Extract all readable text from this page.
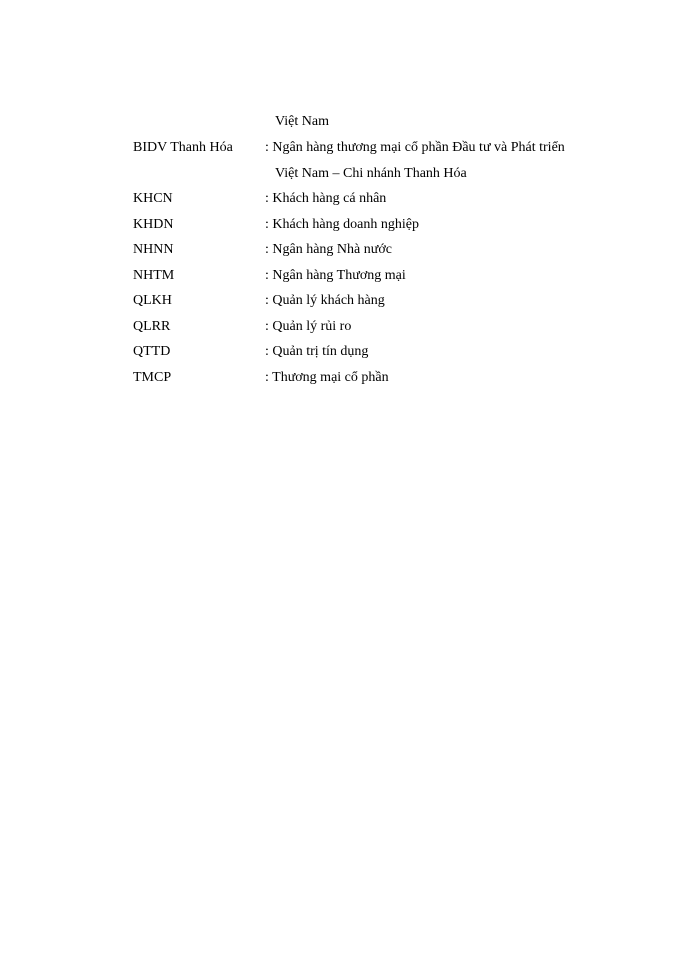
Việt Nam
BIDV Thanh Hóa : Ngân hàng thương mại cổ phần Đầu tư và Phát triển
Việt Nam – Chi nhánh Thanh Hóa
KHCN	: Khách hàng cá nhân
KHDN	: Khách hàng doanh nghiệp
NHNN	: Ngân hàng Nhà nước
NHTM	: Ngân hàng Thương mại
QLKH	: Quản lý khách hàng
QLRR	: Quản lý rủi ro
QTTD	: Quản trị tín dụng
TMCP	: Thương mại cổ phần
